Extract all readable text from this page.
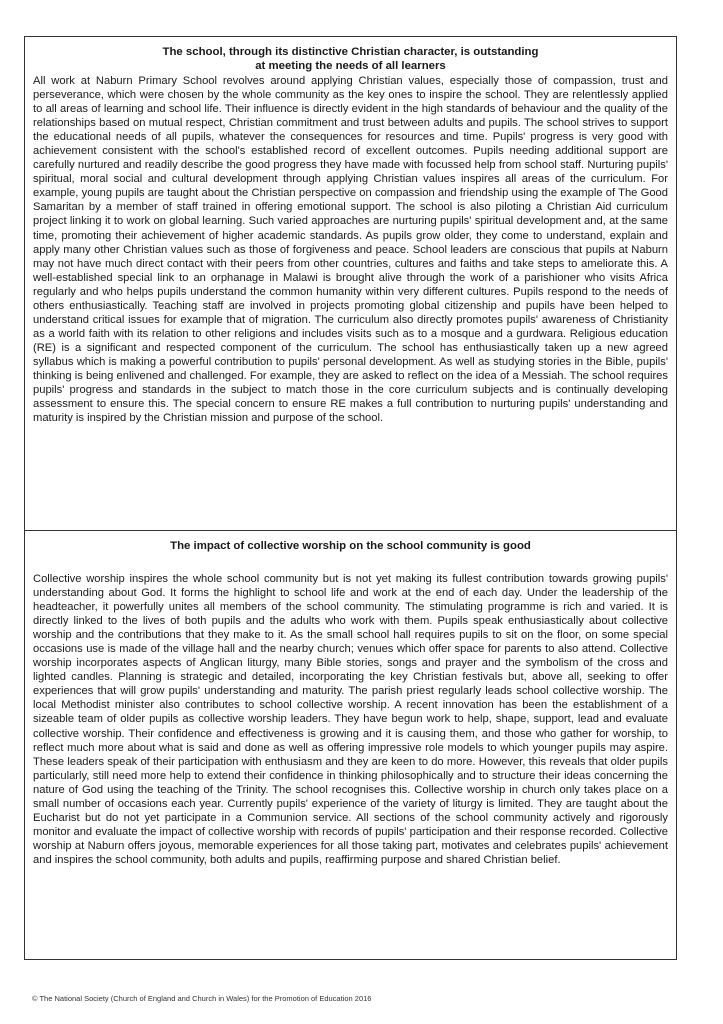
The school, through its distinctive Christian character, is outstanding
at meeting the needs of all learners
All work at Naburn Primary School revolves around applying Christian values, especially those of compassion, trust and perseverance, which were chosen by the whole community as the key ones to inspire the school. They are relentlessly applied to all areas of learning and school life. Their influence is directly evident in the high standards of behaviour and the quality of the relationships based on mutual respect, Christian commitment and trust between adults and pupils. The school strives to support the educational needs of all pupils, whatever the consequences for resources and time. Pupils' progress is very good with achievement consistent with the school's established record of excellent outcomes. Pupils needing additional support are carefully nurtured and readily describe the good progress they have made with focussed help from school staff. Nurturing pupils' spiritual, moral social and cultural development through applying Christian values inspires all areas of the curriculum. For example, young pupils are taught about the Christian perspective on compassion and friendship using the example of The Good Samaritan by a member of staff trained in offering emotional support. The school is also piloting a Christian Aid curriculum project linking it to work on global learning. Such varied approaches are nurturing pupils' spiritual development and, at the same time, promoting their achievement of higher academic standards. As pupils grow older, they come to understand, explain and apply many other Christian values such as those of forgiveness and peace. School leaders are conscious that pupils at Naburn may not have much direct contact with their peers from other countries, cultures and faiths and take steps to ameliorate this. A well-established special link to an orphanage in Malawi is brought alive through the work of a parishioner who visits Africa regularly and who helps pupils understand the common humanity within very different cultures. Pupils respond to the needs of others enthusiastically. Teaching staff are involved in projects promoting global citizenship and pupils have been helped to understand critical issues for example that of migration. The curriculum also directly promotes pupils' awareness of Christianity as a world faith with its relation to other religions and includes visits such as to a mosque and a gurdwara. Religious education (RE) is a significant and respected component of the curriculum. The school has enthusiastically taken up a new agreed syllabus which is making a powerful contribution to pupils' personal development. As well as studying stories in the Bible, pupils' thinking is being enlivened and challenged. For example, they are asked to reflect on the idea of a Messiah. The school requires pupils' progress and standards in the subject to match those in the core curriculum subjects and is continually developing assessment to ensure this. The special concern to ensure RE makes a full contribution to nurturing pupils' understanding and maturity is inspired by the Christian mission and purpose of the school.
The impact of collective worship on the school community is good
Collective worship inspires the whole school community but is not yet making its fullest contribution towards growing pupils' understanding about God. It forms the highlight to school life and work at the end of each day. Under the leadership of the headteacher, it powerfully unites all members of the school community. The stimulating programme is rich and varied. It is directly linked to the lives of both pupils and the adults who work with them. Pupils speak enthusiastically about collective worship and the contributions that they make to it. As the small school hall requires pupils to sit on the floor, on some special occasions use is made of the village hall and the nearby church; venues which offer space for parents to also attend. Collective worship incorporates aspects of Anglican liturgy, many Bible stories, songs and prayer and the symbolism of the cross and lighted candles. Planning is strategic and detailed, incorporating the key Christian festivals but, above all, seeking to offer experiences that will grow pupils' understanding and maturity. The parish priest regularly leads school collective worship. The local Methodist minister also contributes to school collective worship. A recent innovation has been the establishment of a sizeable team of older pupils as collective worship leaders. They have begun work to help, shape, support, lead and evaluate collective worship. Their confidence and effectiveness is growing and it is causing them, and those who gather for worship, to reflect much more about what is said and done as well as offering impressive role models to which younger pupils may aspire. These leaders speak of their participation with enthusiasm and they are keen to do more. However, this reveals that older pupils particularly, still need more help to extend their confidence in thinking philosophically and to structure their ideas concerning the nature of God using the teaching of the Trinity. The school recognises this. Collective worship in church only takes place on a small number of occasions each year. Currently pupils' experience of the variety of liturgy is limited. They are taught about the Eucharist but do not yet participate in a Communion service. All sections of the school community actively and rigorously monitor and evaluate the impact of collective worship with records of pupils' participation and their response recorded. Collective worship at Naburn offers joyous, memorable experiences for all those taking part, motivates and celebrates pupils' achievement and inspires the school community, both adults and pupils, reaffirming purpose and shared Christian belief.
© The National Society (Church of England and Church in Wales) for the Promotion of Education 2016
